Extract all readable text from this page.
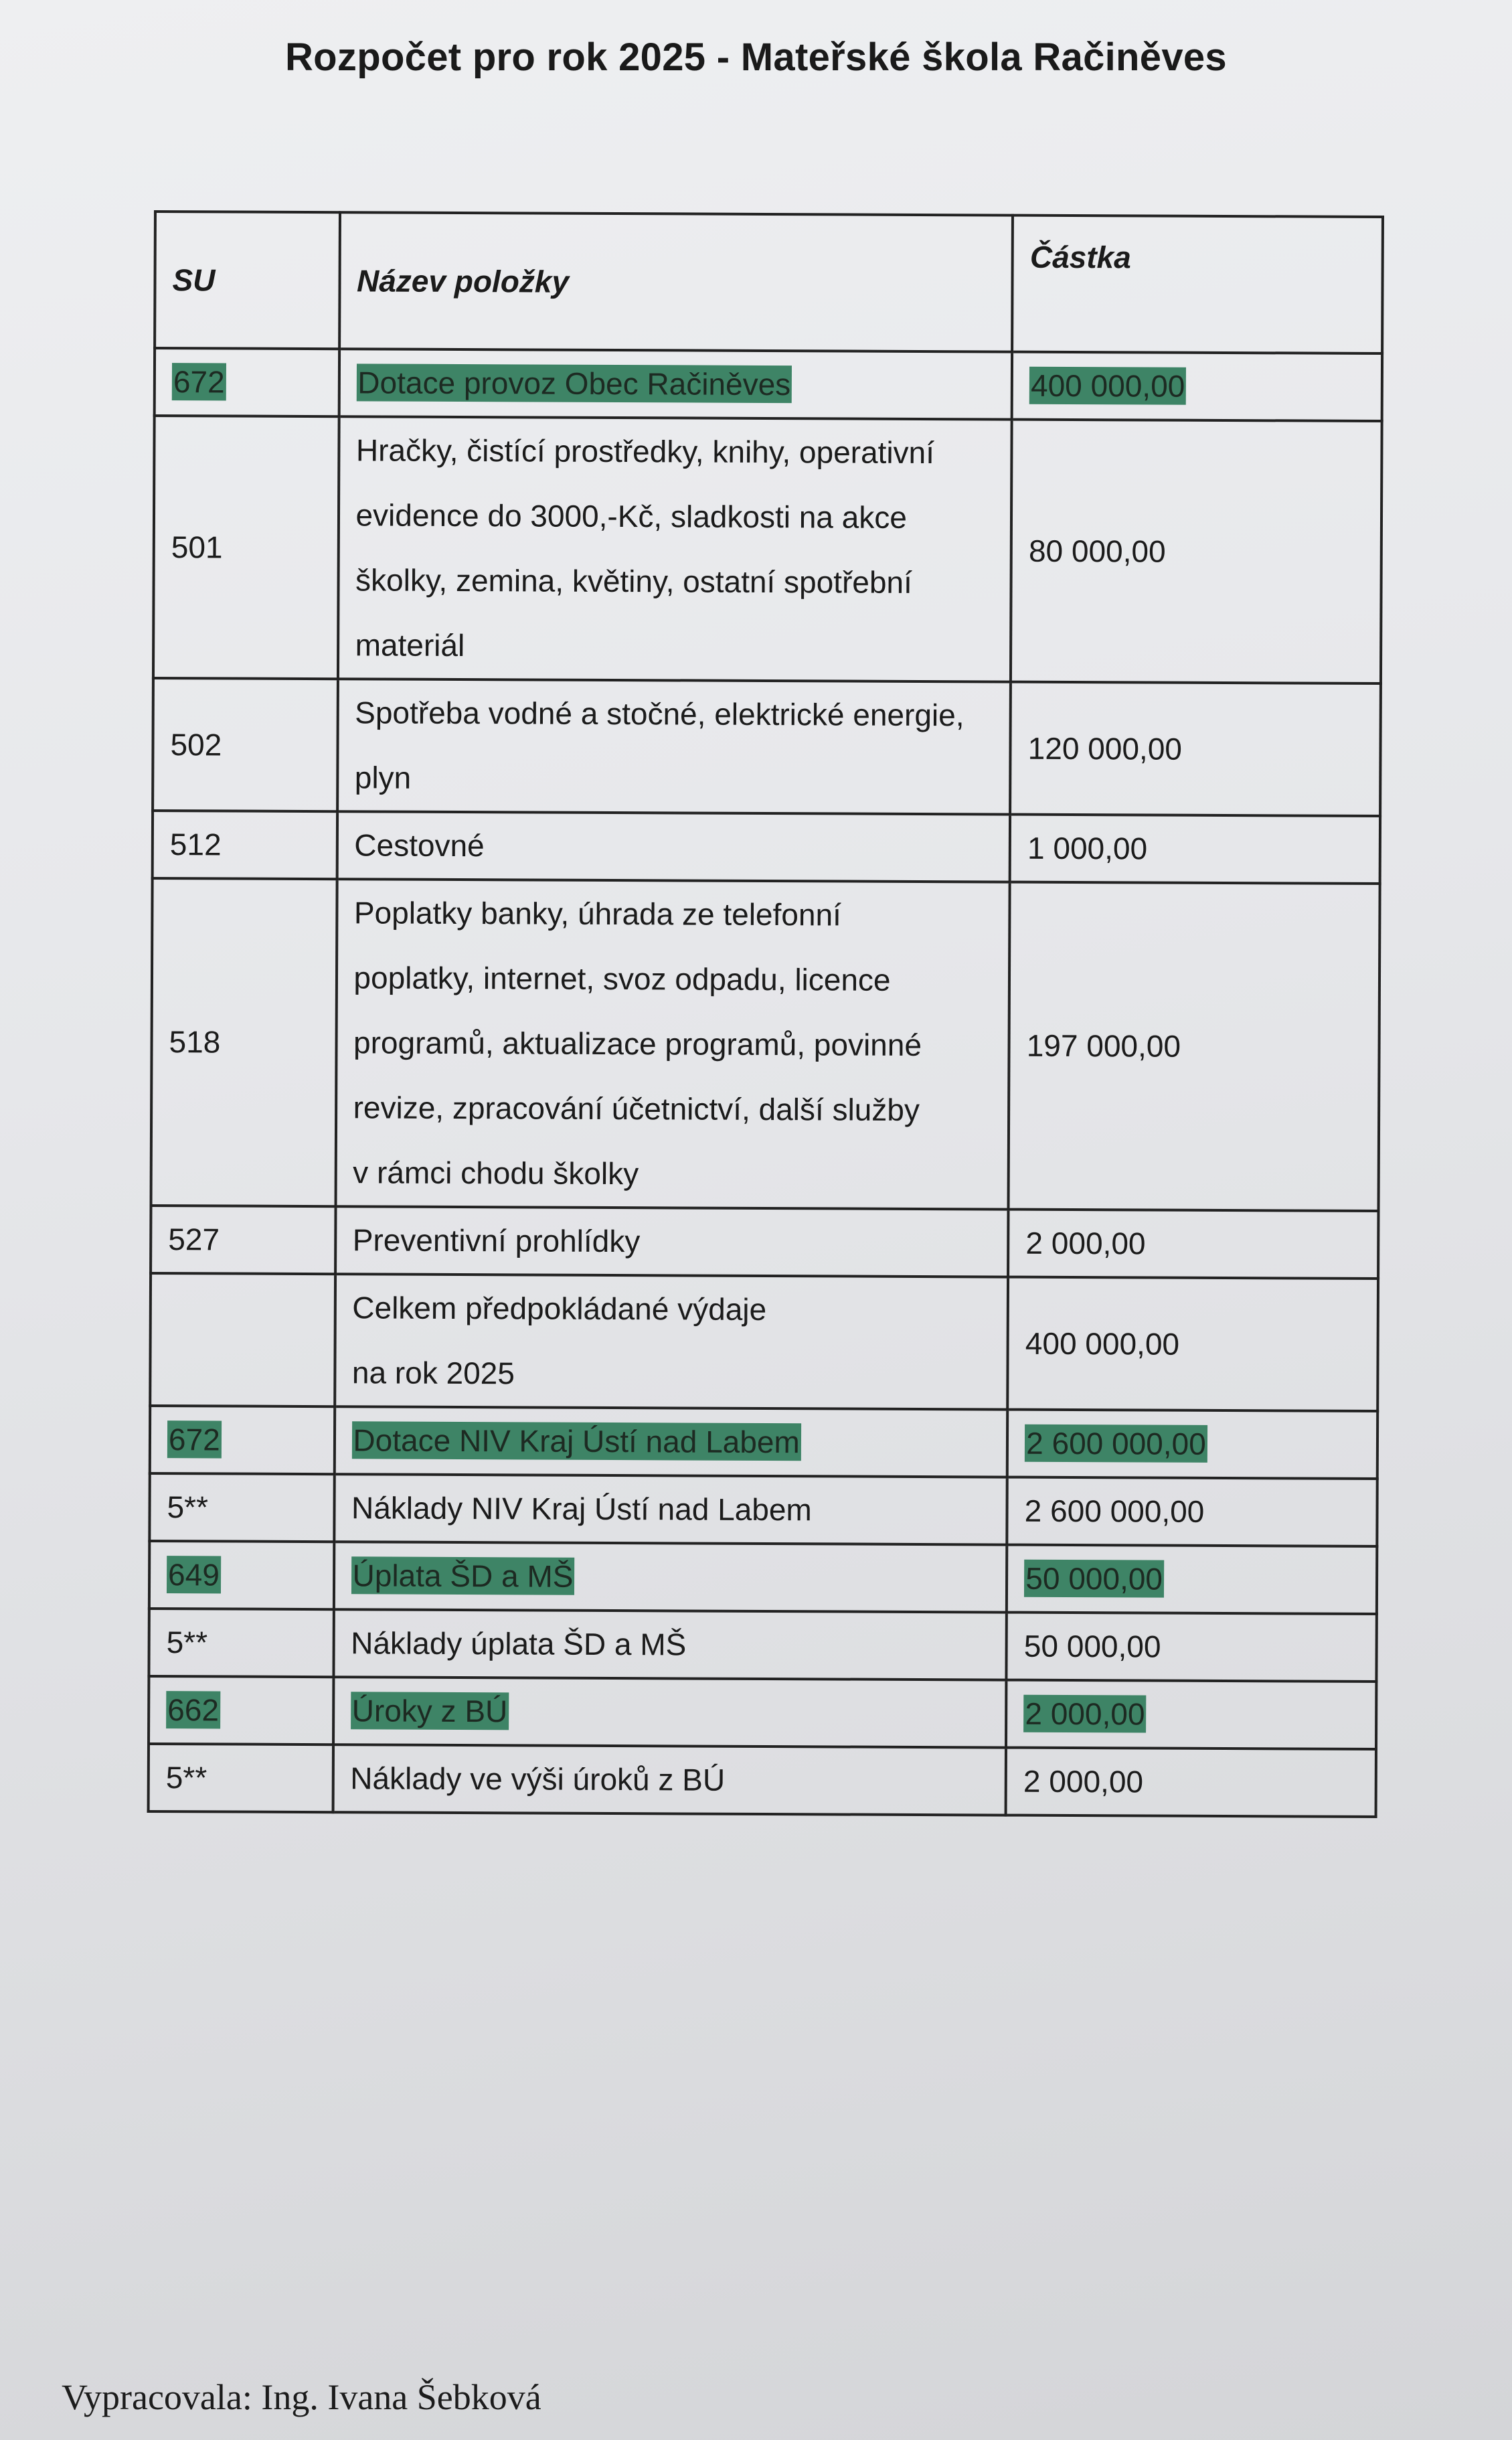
Rozpočet pro rok 2025 - Mateřské škola Račiněves
SU	Název položky	Částka
672	Dotace provoz Obec Račiněves	400 000,00
501	Hračky, čistící prostředky, knihy, operativní
evidence do 3000,-Kč, sladkosti na akce
školky, zemina, květiny, ostatní spotřební
materiál	80 000,00
502	Spotřeba vodné a stočné, elektrické energie,
plyn	120 000,00
512	Cestovné	1 000,00
518	Poplatky banky, úhrada ze telefonní
poplatky, internet, svoz odpadu, licence
programů, aktualizace programů, povinné
revize, zpracování účetnictví, další služby
v rámci chodu školky	197 000,00
527	Preventivní prohlídky	2 000,00

	Celkem předpokládané výdaje
na rok 2025	400 000,00
672	Dotace NIV Kraj Ústí nad Labem	2 600 000,00
5**	Náklady NIV Kraj Ústí nad Labem	2 600 000,00
649	Úplata ŠD a MŠ	50 000,00
5**	Náklady úplata ŠD a MŠ	50 000,00
662	Úroky z BÚ	2 000,00
5**	Náklady ve výši úroků z BÚ	2 000,00
Vypracovala: Ing. Ivana Šebková
